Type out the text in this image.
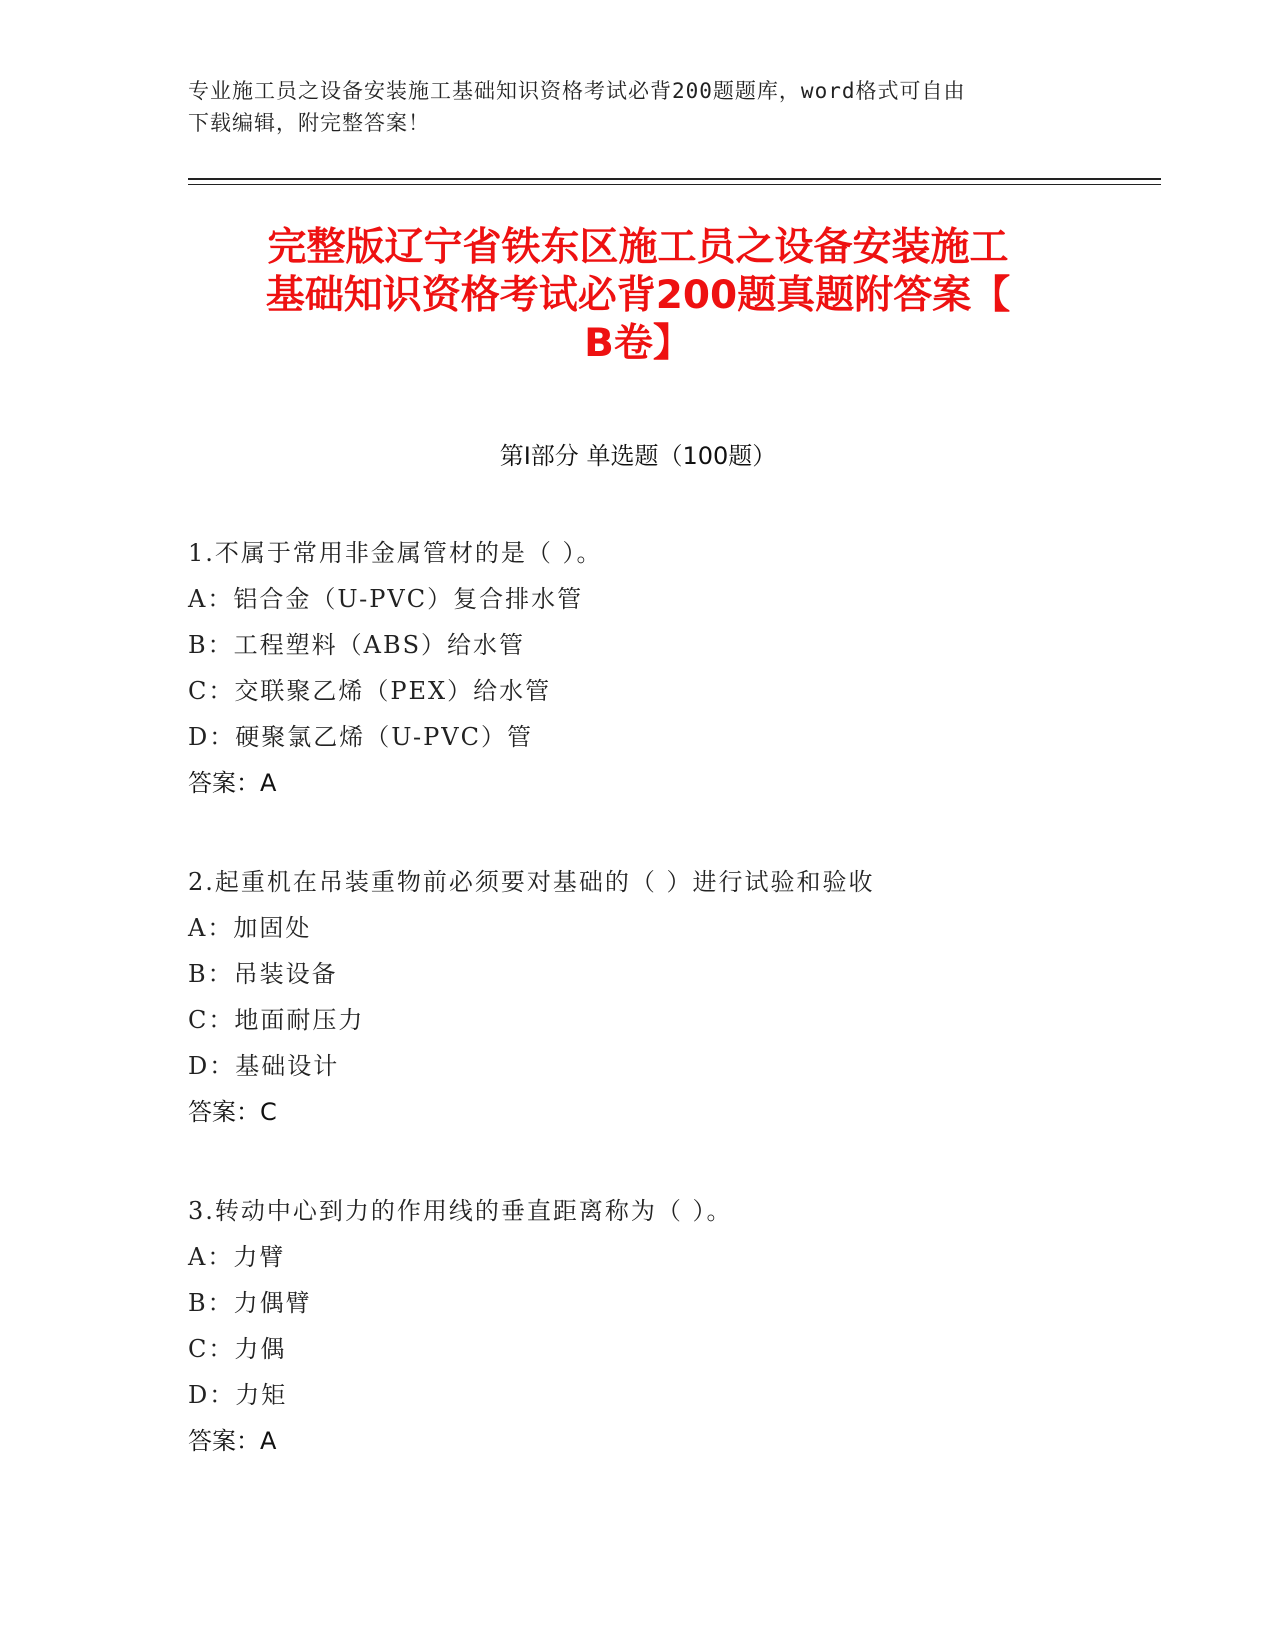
专业施工员之设备安装施工基础知识资格考试必背200题题库，word格式可自由
下载编辑，附完整答案！
完整版辽宁省铁东区施工员之设备安装施工
基础知识资格考试必背200题真题附答案【
B卷】
第Ⅰ部分 单选题（100题）
1.不属于常用非金属管材的是（ ）。
A：铝合金（U-PVC）复合排水管
B：工程塑料（ABS）给水管
C：交联聚乙烯（PEX）给水管
D：硬聚氯乙烯（U-PVC）管
答案：A
2.起重机在吊装重物前必须要对基础的（ ）进行试验和验收
A：加固处
B：吊装设备
C：地面耐压力
D：基础设计
答案：C
3.转动中心到力的作用线的垂直距离称为（ ）。
A：力臂
B：力偶臂
C：力偶
D：力矩
答案：A
